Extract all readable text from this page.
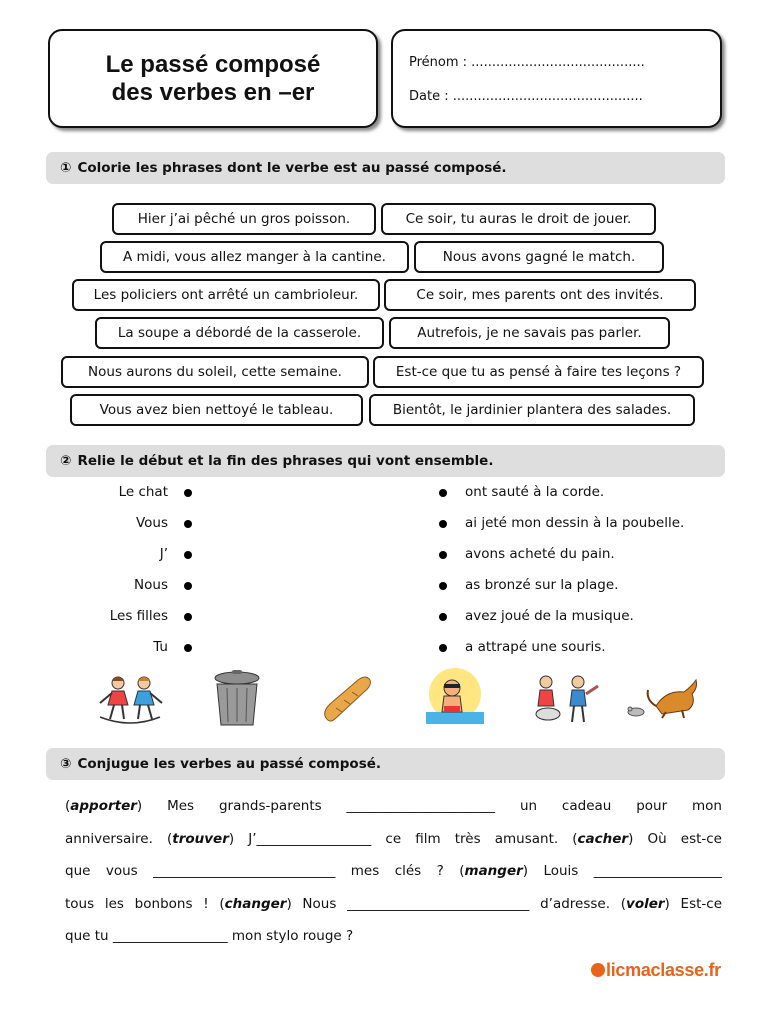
Le passé composé
des verbes en –er
Prénom : ..........................................
Date : ..............................................
① Colorie les phrases dont le verbe est au passé composé.
Hier j’ai pêché un gros poisson.	Ce soir, tu auras le droit de jouer.
A midi, vous allez manger à la cantine.	Nous avons gagné le match.
Les policiers ont arrêté un cambrioleur.	Ce soir, mes parents ont des invités.
La soupe a débordé de la casserole.	Autrefois, je ne savais pas parler.
Nous aurons du soleil, cette semaine.	Est-ce que tu as pensé à faire tes leçons ?
Vous avez bien nettoyé le tableau.	Bientôt, le jardinier plantera des salades.
② Relie le début et la fin des phrases qui vont ensemble.
Le chat
Vous
J’
Nous
Les filles
Tu
ont sauté à la corde.
ai jeté mon dessin à la poubelle.
avons acheté du pain.
as bronzé sur la plage.
avez joué de la musique.
a attrapé une souris.
③ Conjugue les verbes au passé composé.
(apporter) Mes grands-parents ______________________ un cadeau pour mon
anniversaire. (trouver) J’_________________ ce film très amusant. (cacher) Où est-ce
que vous ___________________________ mes clés ? (manger) Louis ___________________
tous les bonbons ! (changer) Nous ___________________________ d’adresse. (voler) Est-ce
que tu _________________ mon stylo rouge ?
licmaclasse.fr
